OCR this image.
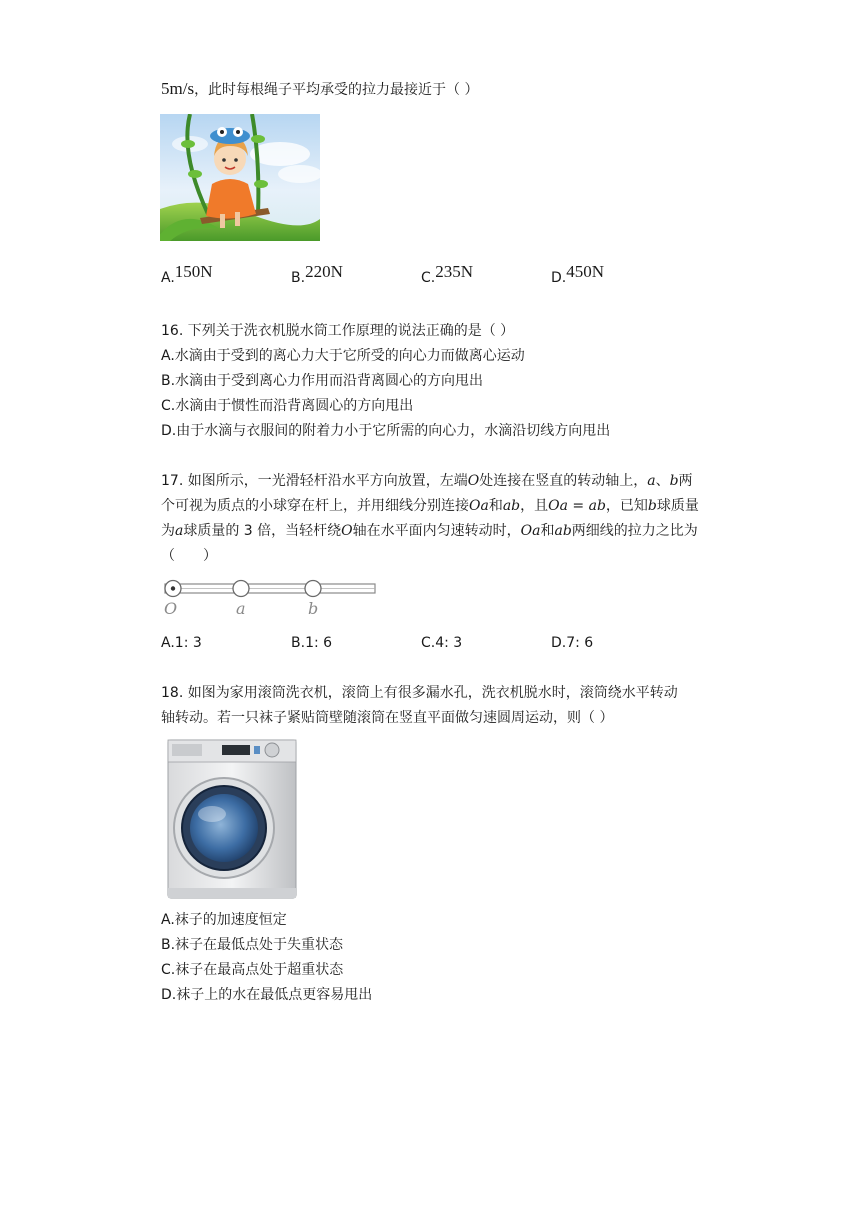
5m/s，此时每根绳子平均承受的拉力最接近于（ ）
A.150N	B.220N	C.235N	D.450N
16. 下列关于洗衣机脱水筒工作原理的说法正确的是（ ）
A.水滴由于受到的离心力大于它所受的向心力而做离心运动
B.水滴由于受到离心力作用而沿背离圆心的方向甩出
C.水滴由于惯性而沿背离圆心的方向甩出
D.由于水滴与衣服间的附着力小于它所需的向心力，水滴沿切线方向甩出
17. 如图所示，一光滑轻杆沿水平方向放置，左端O处连接在竖直的转动轴上，a、b两
个可视为质点的小球穿在杆上，并用细线分别连接Oa和ab，且Oa = ab，已知b球质量
为a球质量的 3 倍，当轻杆绕O轴在水平面内匀速转动时，Oa和ab两细线的拉力之比为
（　　）
O	a	b
A.1: 3	B.1: 6	C.4: 3	D.7: 6
18. 如图为家用滚筒洗衣机，滚筒上有很多漏水孔，洗衣机脱水时，滚筒绕水平转动
轴转动。若一只袜子紧贴筒壁随滚筒在竖直平面做匀速圆周运动，则（ ）
A.袜子的加速度恒定
B.袜子在最低点处于失重状态
C.袜子在最高点处于超重状态
D.袜子上的水在最低点更容易甩出
